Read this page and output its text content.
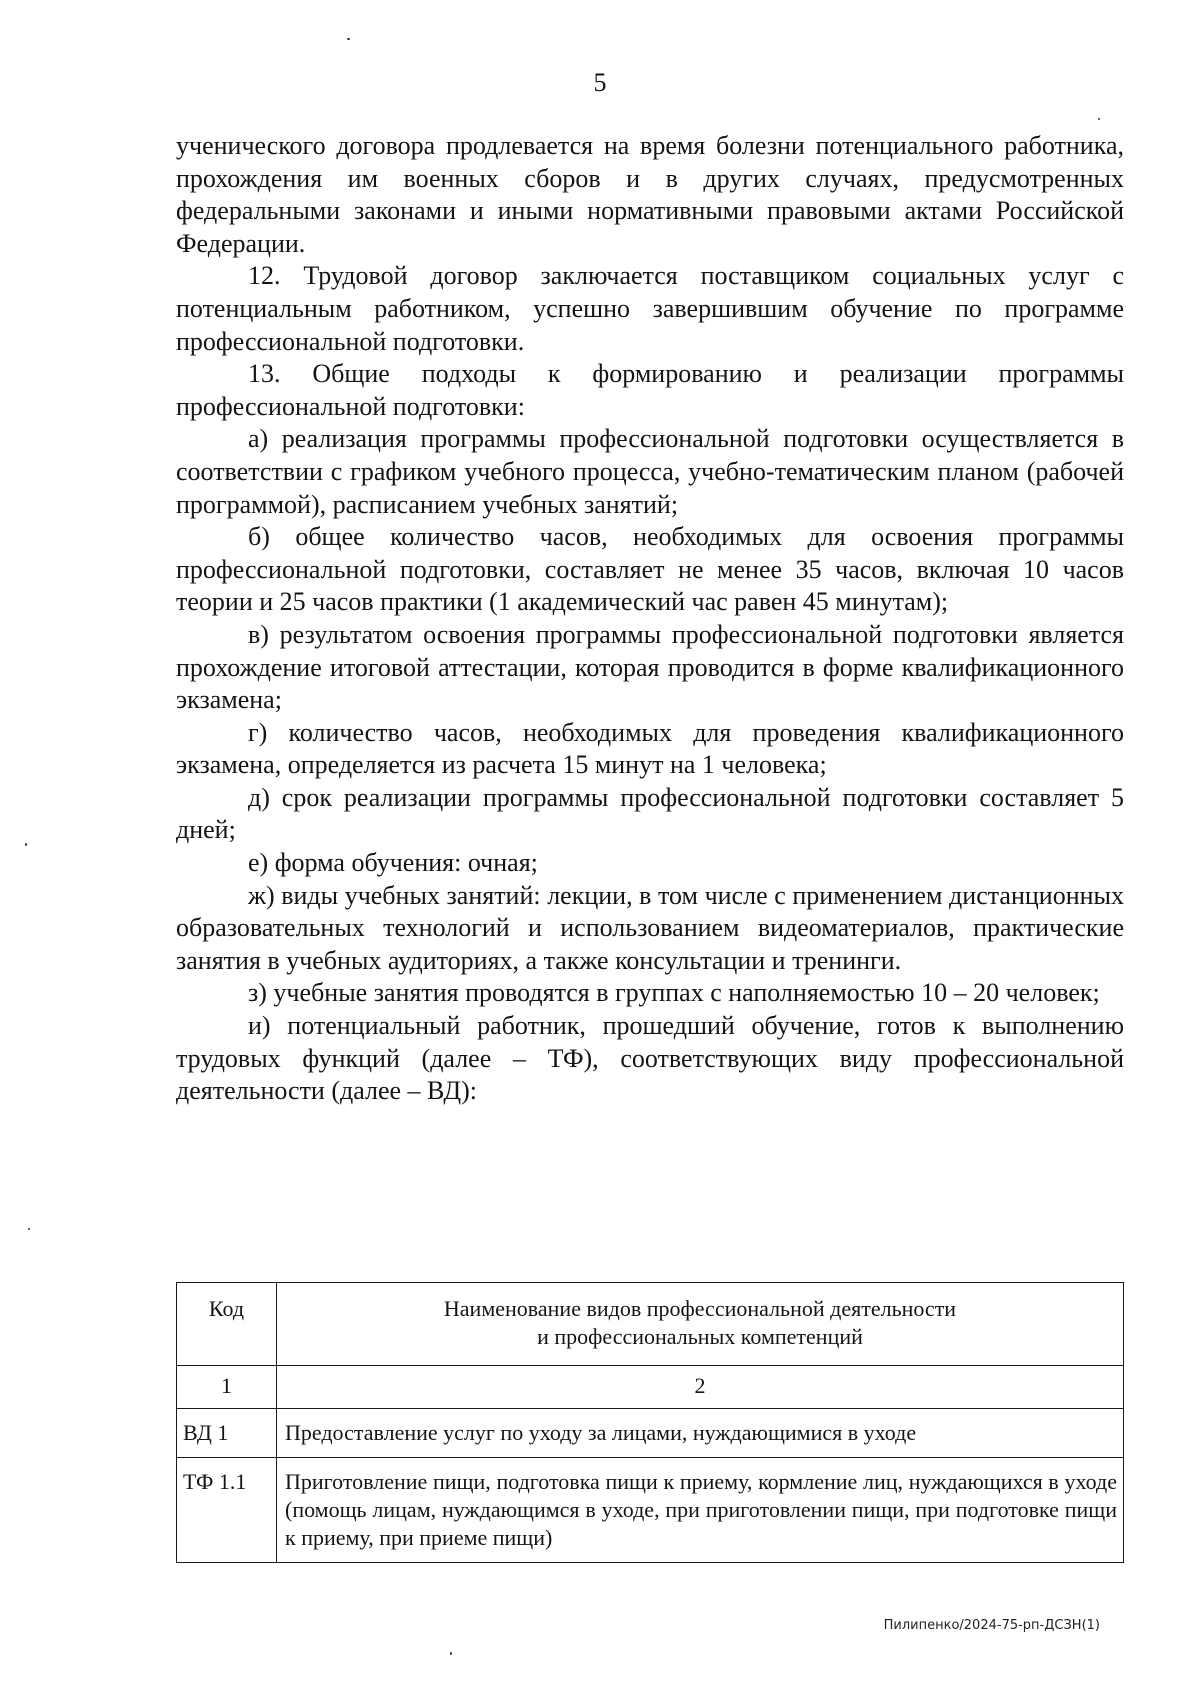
5

ученического договора продлевается на время болезни потенциального работника, прохождения им военных сборов и в других случаях, предусмотренных федеральными законами и иными нормативными правовыми актами Российской Федерации.

12. Трудовой договор заключается поставщиком социальных услуг с потенциальным работником, успешно завершившим обучение по программе профессиональной подготовки.

13. Общие подходы к формированию и реализации программы профессиональной подготовки:

а) реализация программы профессиональной подготовки осуществляется в соответствии с графиком учебного процесса, учебно-тематическим планом (рабочей программой), расписанием учебных занятий;

б) общее количество часов, необходимых для освоения программы профессиональной подготовки, составляет не менее 35 часов, включая 10 часов теории и 25 часов практики (1 академический час равен 45 минутам);

в) результатом освоения программы профессиональной подготовки является прохождение итоговой аттестации, которая проводится в форме квалификационного экзамена;

г) количество часов, необходимых для проведения квалификационного экзамена, определяется из расчета 15 минут на 1 человека;

д) срок реализации программы профессиональной подготовки составляет 5 дней;

е) форма обучения: очная;

ж) виды учебных занятий: лекции, в том числе с применением дистанционных образовательных технологий и использованием видеоматериалов, практические занятия в учебных аудиториях, а также консультации и тренинги.

з) учебные занятия проводятся в группах с наполняемостью 10 – 20 человек;

и) потенциальный работник, прошедший обучение, готов к выполнению трудовых функций (далее – ТФ), соответствующих виду профессиональной деятельности (далее – ВД):

Код	Наименование видов профессиональной деятельности
и профессиональных компетенций
1	2
ВД 1	Предоставление услуг по уходу за лицами, нуждающимися в уходе
ТФ 1.1	Приготовление пищи, подготовка пищи к приему, кормление лиц, нуждающихся в уходе (помощь лицам, нуждающимся в уходе, при приготовлении пищи, при подготовке пищи к приему, при приеме пищи)
Пилипенко/2024-75-рп-ДСЗН(1)
